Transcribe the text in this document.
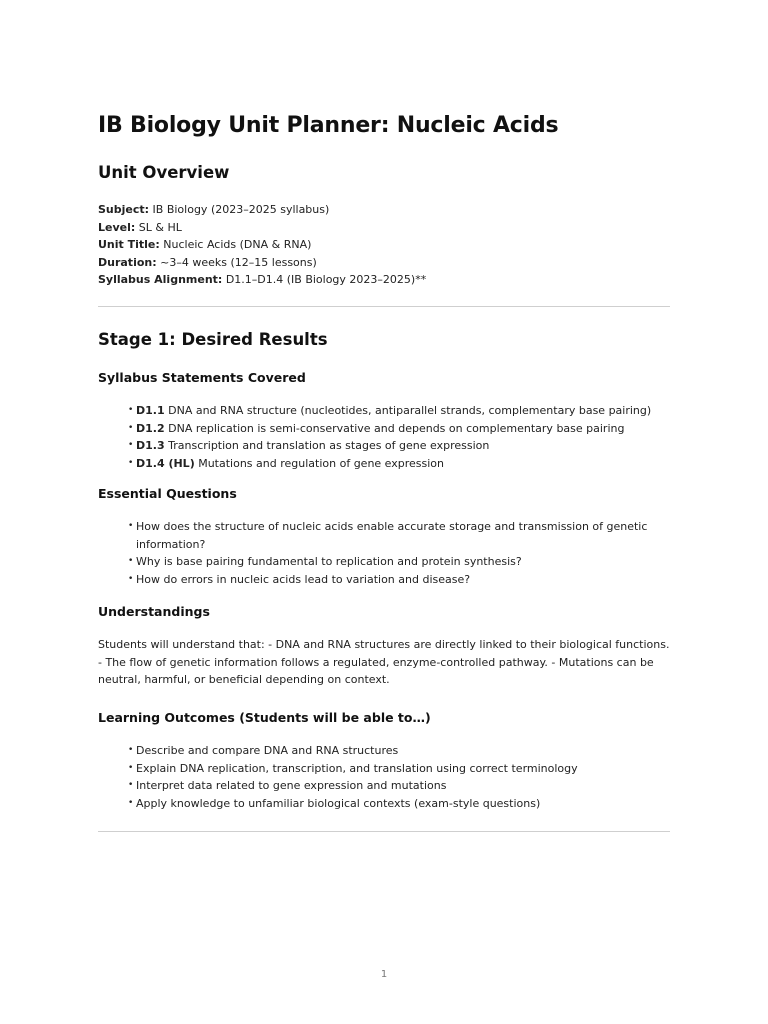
IB Biology Unit Planner: Nucleic Acids
Unit Overview
Subject: IB Biology (2023–2025 syllabus)
Level: SL & HL
Unit Title: Nucleic Acids (DNA & RNA)
Duration: ~3–4 weeks (12–15 lessons)
Syllabus Alignment: D1.1–D1.4 (IB Biology 2023–2025)**
Stage 1: Desired Results
Syllabus Statements Covered
• D1.1 DNA and RNA structure (nucleotides, antiparallel strands, complementary base pairing)
• D1.2 DNA replication is semi-conservative and depends on complementary base pairing
• D1.3 Transcription and translation as stages of gene expression
• D1.4 (HL) Mutations and regulation of gene expression
Essential Questions
• How does the structure of nucleic acids enable accurate storage and transmission of genetic information?
• Why is base pairing fundamental to replication and protein synthesis?
• How do errors in nucleic acids lead to variation and disease?
Understandings
Students will understand that: - DNA and RNA structures are directly linked to their biological functions. - The flow of genetic information follows a regulated, enzyme-controlled pathway. - Mutations can be neutral, harmful, or beneficial depending on context.
Learning Outcomes (Students will be able to…)
• Describe and compare DNA and RNA structures
• Explain DNA replication, transcription, and translation using correct terminology
• Interpret data related to gene expression and mutations
• Apply knowledge to unfamiliar biological contexts (exam-style questions)
1
